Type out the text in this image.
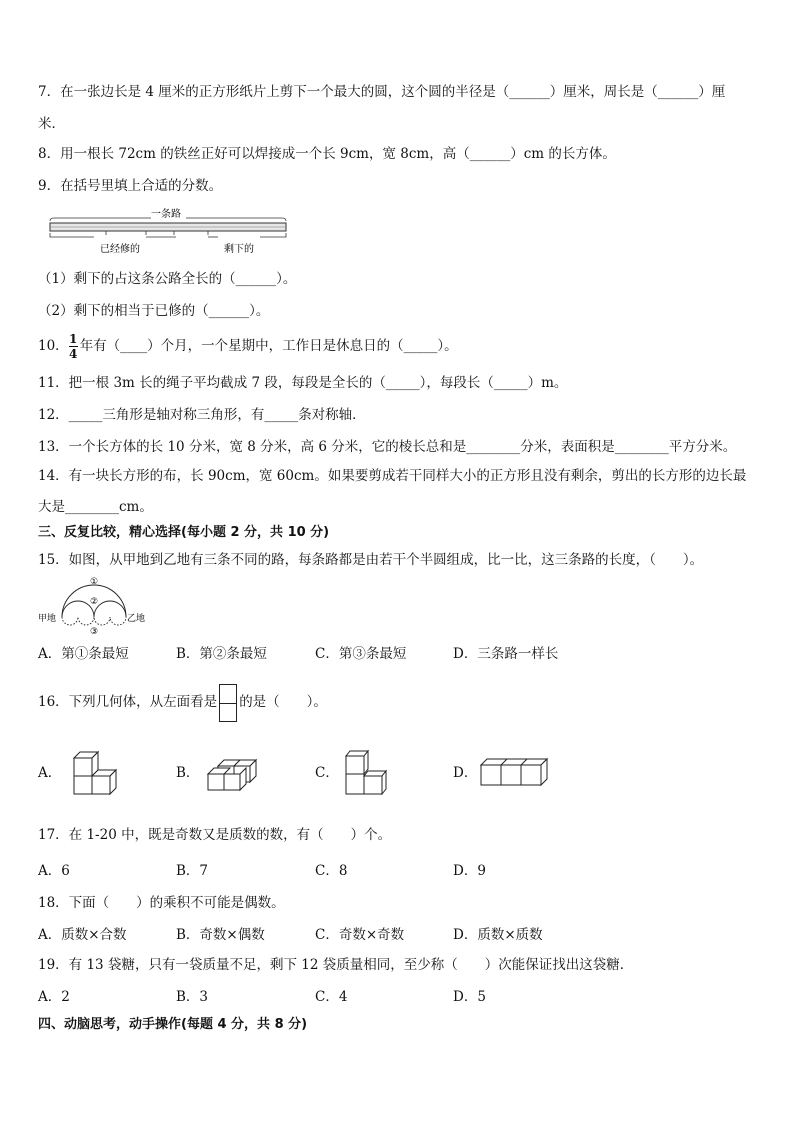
7．在一张边长是 4 厘米的正方形纸片上剪下一个最大的圆，这个圆的半径是（______）厘米，周长是（______）厘
米．
8．用一根长 72cm 的铁丝正好可以焊接成一个长 9cm，宽 8cm，高（______）cm 的长方体。
9．在括号里填上合适的分数。
一条路
已经修的	剩下的
（1）剩下的占这条公路全长的（______）。
（2）剩下的相当于已修的（______）。
10．$\frac{1}{4}$ 年有（____）个月，一个星期中，工作日是休息日的（_____）。
11．把一根 3m 长的绳子平均截成 7 段，每段是全长的（_____），每段长（_____）m。
12．_____三角形是轴对称三角形，有_____条对称轴．
13．一个长方体的长 10 分米，宽 8 分米，高 6 分米，它的棱长总和是________分米，表面积是________平方分米。
14．有一块长方形的布，长 90cm，宽 60cm。如果要剪成若干同样大小的正方形且没有剩余，剪出的长方形的边长最
大是________cm。
三、反复比较，精心选择(每小题 2 分，共 10 分)
15．如图，从甲地到乙地有三条不同的路，每条路都是由若干个半圆组成，比一比，这三条路的长度，（　　）。
甲地	乙地
①
②
③
A．第①条最短	B．第②条最短	C．第③条最短	D．三条路一样长
16．下列几何体，从左面看是 的是（　　）。
A．	B．	C．	D．
17．在 1-20 中，既是奇数又是质数的数，有（　　）个。
A．6	B．7	C．8	D．9
18．下面（　　）的乘积不可能是偶数。
A．质数×合数	B．奇数×偶数	C．奇数×奇数	D．质数×质数
19．有 13 袋糖，只有一袋质量不足，剩下 12 袋质量相同，至少称（　　）次能保证找出这袋糖．
A．2	B．3	C．4	D．5
四、动脑思考，动手操作(每题 4 分，共 8 分)
